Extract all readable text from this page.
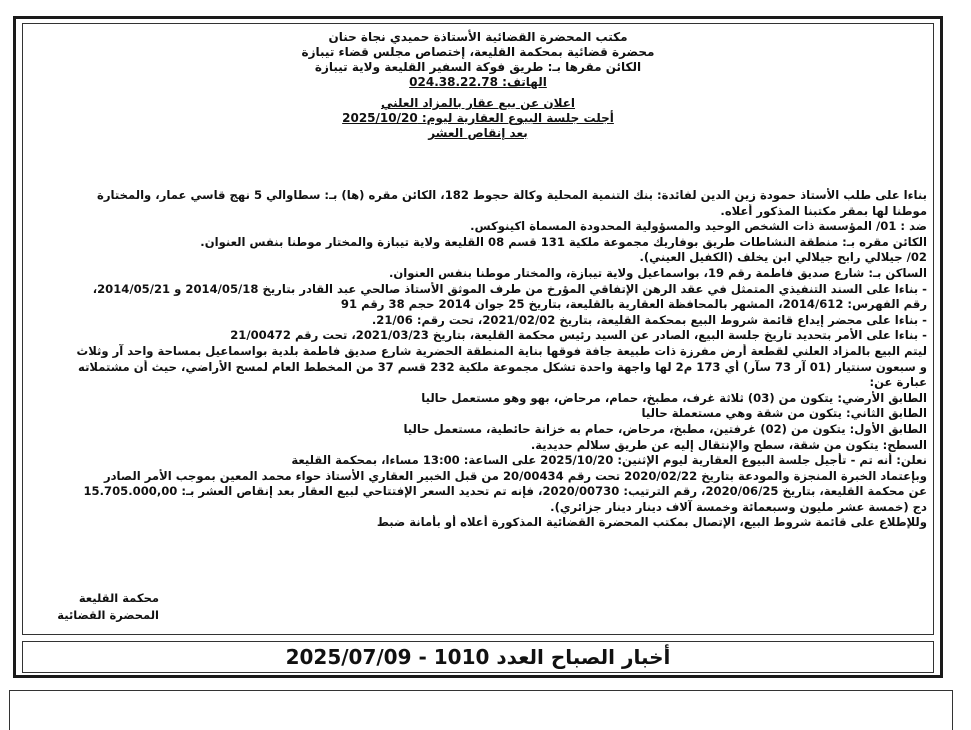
مكتب المحضرة القضائية الأستاذة حميدي نجاة حنان
محضرة قضائية بمحكمة القليعة، إختصاص مجلس قضاء تيبازة
الكائن مقرها بـ: طريق فوكة السفير القليعة ولاية تيبازة
الهاتف: 024.38.22.78
اعلان عن بيع عقار بالمزاد العلني
أجلت جلسة البيوع العقارية ليوم: 2025/10/20
بعد إنقاص العشر
بناءا على طلب الأستاذ حمودة زين الدين لفائدة: بنك التنمية المحلية وكالة حجوط 182، الكائن مقره (ها) بـ: سطاوالي 5 نهج قاسي عمار، والمختارة
موطنا لها بمقر مكتبنا المذكور أعلاه.
ضد : 01/ المؤسسة ذات الشخص الوحيد والمسؤولية المحدودة المسماة اكينوكس.
الكائن مقره بـ: منطقة النشاطات طريق بوفاريك مجموعة ملكية 131 قسم 08 القليعة ولاية تيبازة والمختار موطنا بنفس العنوان.
02/ جيلالي رابح جيلالي ابن يخلف (الكفيل العيني).
الساكن بـ: شارع صديق فاطمة رقم 19، بواسماعيل ولاية تيبازة، والمختار موطنا بنفس العنوان.
- بناءا على السند التنفيذي المتمثل في عقد الرهن الإتفاقي المؤرخ من طرف الموثق الأستاذ صالحي عبد القادر بتاريخ 2014/05/18 و 2014/05/21،
رقم الفهرس: 2014/612، المشهر بالمحافظة العقارية بالقليعة، بتاريخ 25 جوان 2014 حجم 38 رقم 91
- بناءا على محضر إيداع قائمة شروط البيع بمحكمة القليعة، بتاريخ 2021/02/02، تحت رقم: 21/06.
- بناءا على الأمر بتحديد تاريخ جلسة البيع، الصادر عن السيد رئيس محكمة القليعة، بتاريخ 2021/03/23، تحت رقم 21/00472
ليتم البيع بالمزاد العلني لقطعة أرض مفرزة ذات طبيعة جافة فوقها بناية المنطقة الحضرية شارع صديق فاطمة بلدية بواسماعيل بمساحة واحد آر وثلاث
و سبعون سنتيار (01 آر 73 سآر) أي 173 م2 لها واجهة واحدة تشكل مجموعة ملكية 232 قسم 37 من المخطط العام لمسح الأراضي، حيث أن مشتملاته
عبارة عن:
الطابق الأرضي: يتكون من (03) ثلاثة غرف، مطبخ، حمام، مرحاض، بهو وهو مستعمل حاليا
الطابق الثاني: يتكون من شقة وهي مستعملة حاليا
الطابق الأول: يتكون من (02) غرفتين، مطبخ، مرحاض، حمام به خزانة حائطية، مستعمل حاليا
السطح: يتكون من شقة، سطح والإنتقال إليه عن طريق سلالم حديدية.
نعلن: أنه تم - تأجيل جلسة البيوع العقارية ليوم الإثنين: 2025/10/20 على الساعة: 13:00 مساءا، بمحكمة القليعة
وبإعتماد الخبرة المنجزة والمودعة بتاريخ 2020/02/22 تحت رقم 20/00434 من قبل الخبير العقاري الأستاذ حواء محمد المعين بموجب الأمر الصادر
عن محكمة القليعة، بتاريخ 2020/06/25، رقم الترتيب: 2020/00730، فإنه تم تحديد السعر الإفتتاحي لبيع العقار بعد إنقاص العشر بـ: 15.705.000,00
دج (خمسة عشر مليون وسبعمائة وخمسة آلاف دينار دينار جزائري).
وللإطلاع على قائمة شروط البيع، الإتصال بمكتب المحضرة القضائية المذكورة أعلاه أو بأمانة ضبط
محكمة القليعة
المحضرة القضائية
أخبار الصباح العدد 1010 - 2025/07/09
